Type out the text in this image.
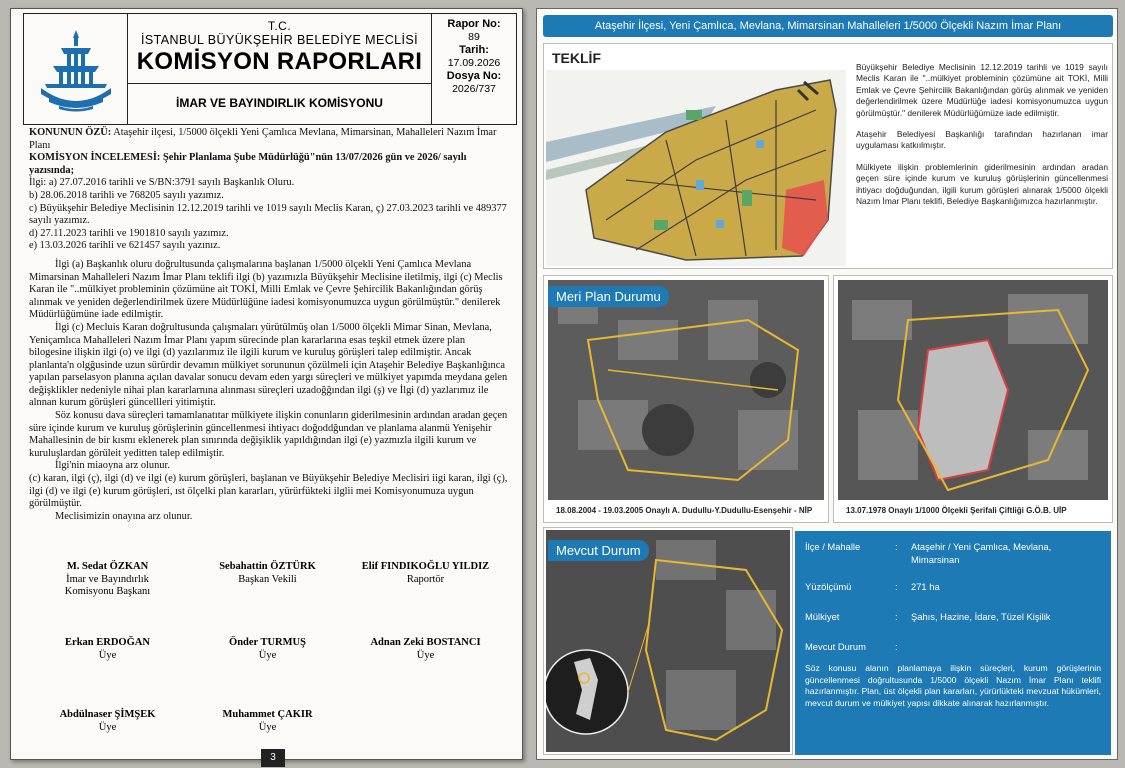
T.C.
İSTANBUL BÜYÜKŞEHİR BELEDİYE MECLİSİ
KOMİSYON RAPORLARI
İMAR VE BAYINDIRLIK KOMİSYONU
Rapor No:
89
Tarih:
17.09.2026
Dosya No:
2026/737

KONUNUN ÖZÜ: Ataşehir ilçesi, 1/5000 ölçekli Yeni Çamlıca Mevlana, Mimarsinan, Mahalleleri Nazım İmar Planı

KOMİSYON İNCELEMESİ: Şehir Planlama Şube Müdürlüğü"nün 13/07/2026 gün ve 2026/ sayılı yazısında;

İlgi: a) 27.07.2016 tarihli ve S/BN:3791 sayılı Başkanlık Oluru.

b) 28.06.2018 tarihli ve 768205 sayılı yazımız.

c) Büyükşehir Belediye Meclisinin 12.12.2019 tarihli ve 1019 sayılı Meclis Karan, ç) 27.03.2023 tarihli ve 489377 sayılı yazımız.

d) 27.11.2023 tarihli ve 1901810 sayılı yazımız.

e) 13.03.2026 tarihli ve 621457 sayılı yazınız.

İlgi (a) Başkanlık oluru doğrultusunda çalışmalarına başlanan 1/5000 ölçekli Yeni Çamlıca Mevlana Mimarsinan Mahalleleri Nazım İmar Planı teklifi ilgi (b) yazımızla Büyükşehir Meclisine iletilmiş, ilgi (c) Meclis Karan ile "..mülkiyet probleminin çözümüne ait TOKİ, Milli Emlak ve Çevre Şehircilik Bakanlığından görüş alınmak ve yeniden değerlendirilmek üzere Müdürlüğüne iadesi komisyonumuzca uygun görülmüştür." denilerek Müdürlüğümüne iade edilmiştir.

İlgi (c) Mecluis Karan doğrultusunda çalışmaları yürütülmüş olan 1/5000 ölçekli Mimar Sinan, Mevlana, Yeniçamlıca Mahalleleri Nazım İmar Planı yapım sürecinde plan kararlarına esas teşkil etmek üzere plan bilogesine ilişkin ilgi (o) ve ilgi (d) yazılarımız ile ilgili kurum ve kuruluş görüşleri talep edilmiştir. Ancak planlanta'n olgğusinde uzun sürürdir devamın mülkiyet sorununun çözülmeli için Ataşehir Belediye Başkanlığınca yapılan parselasyon planına açılan davalar sonucu devam eden yargı süreçleri ve mülkiyet yapımda meydana gelen değişklikler nedeniyle nihai plan kararlarnına alınması süreçleri uzadoğğından ilgi (ş) ve İlgi (d) yazlarımız ile alnnan kurum görüşleri güncellleri yitimiştir.

Söz konusu dava süreçleri tamamlanatıtar mülkiyete ilişkin conunların giderilmesinin ardından aradan geçen süre içinde kurum ve kuruluş görüşlerinin güncellenmesi ihtiyacı doğoddğundan ve planlama alanmü Yenişehir Mahallesinin de bir kısmı eklenerek plan sınırında değişiklik yapıldığından ilgi (e) yazmızla ilgili kurum ve kuruluşlardan görüleit yeditten talep edilmiştir.

İlgi'nin miaoyna arz olunur.

(c) karan, ilgi (ç), ilgi (d) ve ilgi (e) kurum görüşleri, başlanan ve Büyükşehir Belediye Meclisiri iigi karan, ilgi (ç), ilgi (d) ve ilgi (e) kurum görüşleri, ıst ölçelki plan kararları, yürürfükteki ilglii mei Komisyonumuza uygun görülmüştür.

Meclisimizin onayına arz olunur.

M. Sedat ÖZKAN
İmar ve Bayındırlık Komisyonu Başkanı
Sebahattin ÖZTÜRK
Başkan Vekili
Elif FINDIKOĞLU YILDIZ
Raportör
Erkan ERDOĞAN
Üye
Önder TURMUŞ
Üye
Adnan Zeki BOSTANCI
Üye
Abdülnaser ŞİMŞEK
Üye
Muhammet ÇAKIR
Üye
3
Ataşehir İlçesi, Yeni Çamlıca, Mevlana, Mimarsinan Mahalleleri 1/5000 Ölçekli Nazım İmar Planı
TEKLİF

Büyükşehir Belediye Meclisinin 12.12.2019 tarihli ve 1019 sayılı Meclis Karan ile "..mülkiyet probleminin çözümüne ait TOKİ, Milli Emlak ve Çevre Şehircilik Bakanlığından görüş alınmak ve yeniden değerlendirilmek üzere Müdürlüğe iadesi komisyonumuzca uygun görülmüştür." denilerek Müdürlüğümüze iade edilmiştir.

Ataşehir Belediyesi Başkanlığı tarafından hazırlanan imar uygulaması katkıılmıştır.

Mülkiyete ilişkin problemlerinin giderilmesinin ardından aradan geçen süre içinde kurum ve kuruluş görüşlerinin güncellenmesi ihtiyacı doğduğundan, ilgili kurum görüşleri alınarak 1/5000 ölçekli Nazım İmar Planı teklifi, Belediye Başkanlığımızca hazırlanmıştır.

Meri Plan Durumu
18.08.2004 - 19.03.2005 Onaylı A. Dudullu-Y.Dudullu-Esenşehir - NİP	13.07.1978 Onaylı 1/1000 Ölçekli Şerifali Çiftliği G.Ö.B. UİP
Mevcut Durum	İlçe / Mahalle	: Ataşehir / Yeni Çamlıca, Mevlana, Mimarsinan
Yüzölçümü	: 271 ha
Mülkiyet	: Şahıs, Hazine, İdare, Tüzel Kişilik
Mevcut Durum	:
Söz konusu alanın planlamaya ilişkin süreçleri, kurum görüşlerinin güncellenmesi doğrultusunda 1/5000 ölçekli Nazım İmar Planı teklifi hazırlanmıştır. Plan, üst ölçekli plan kararları, yürürlükteki mevzuat hükümleri, mevcut durum ve mülkiyet yapısı dikkate alınarak hazırlanmıştır.
